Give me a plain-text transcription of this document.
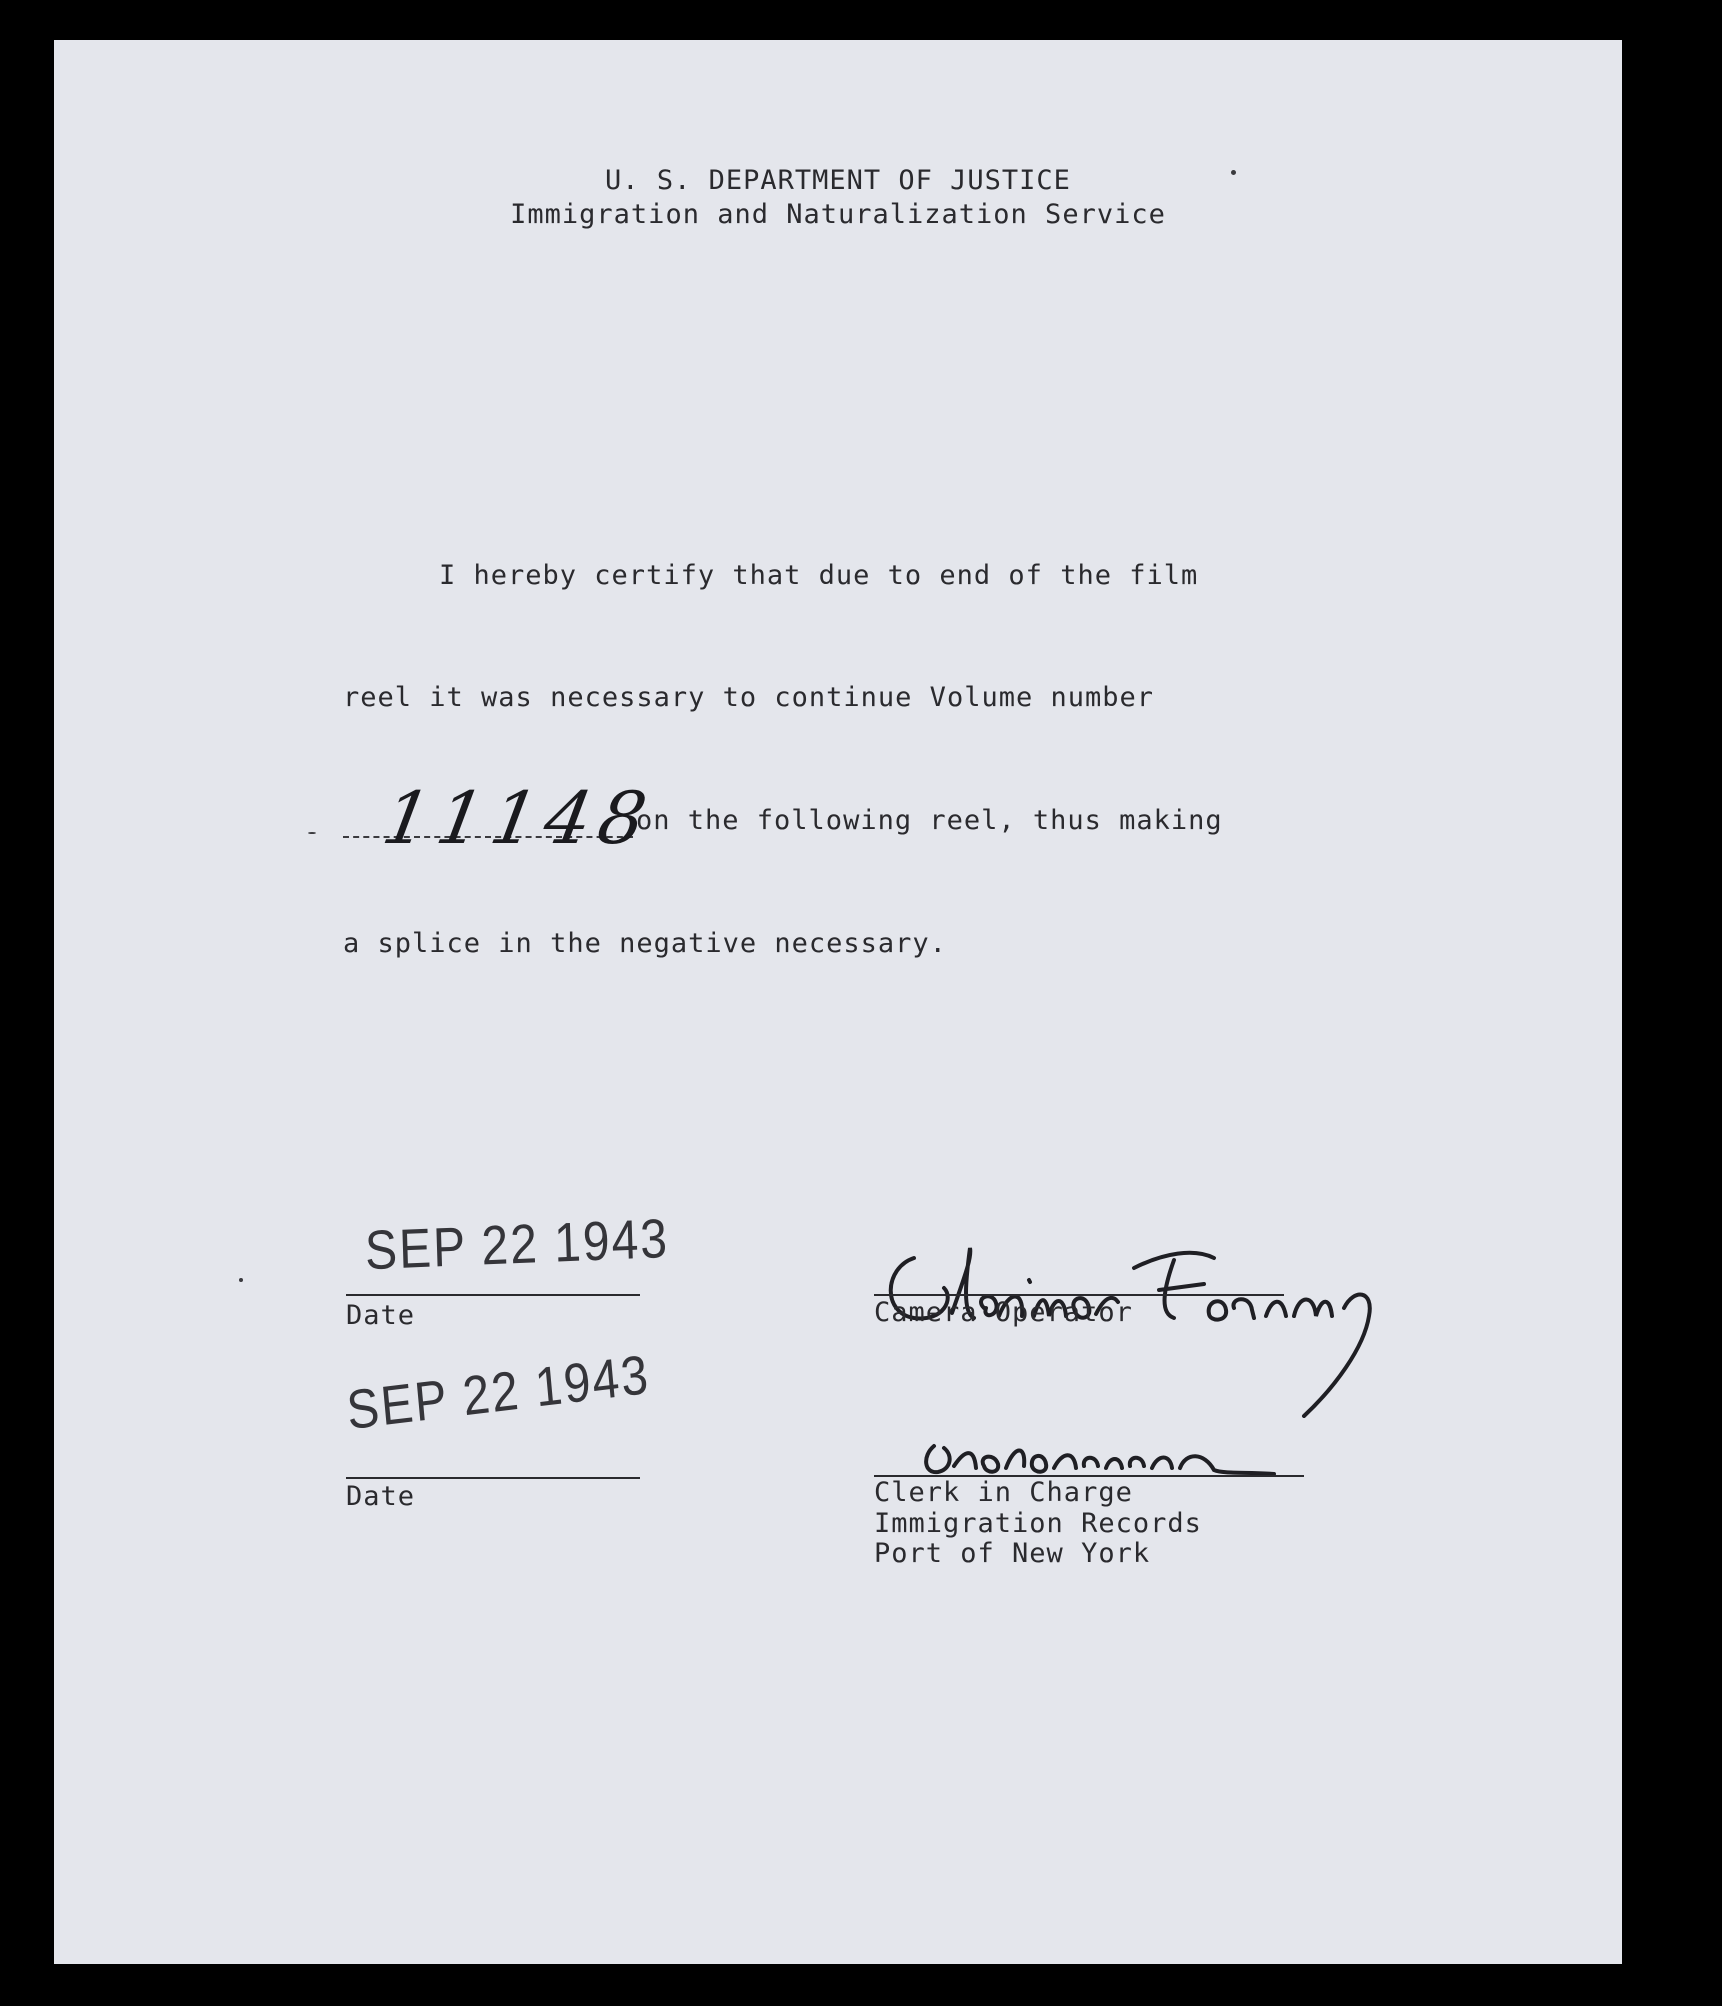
U. S. DEPARTMENT OF JUSTICE
Immigration and Naturalization Service
I hereby certify that due to end of the film
reel it was necessary to continue Volume number
11148
on the following reel, thus making
a splice in the negative necessary.
SEP 22 1943
Date	Camera Operator
SEP 22 1943
Date	Clerk in Charge
Immigration Records
Port of New York
